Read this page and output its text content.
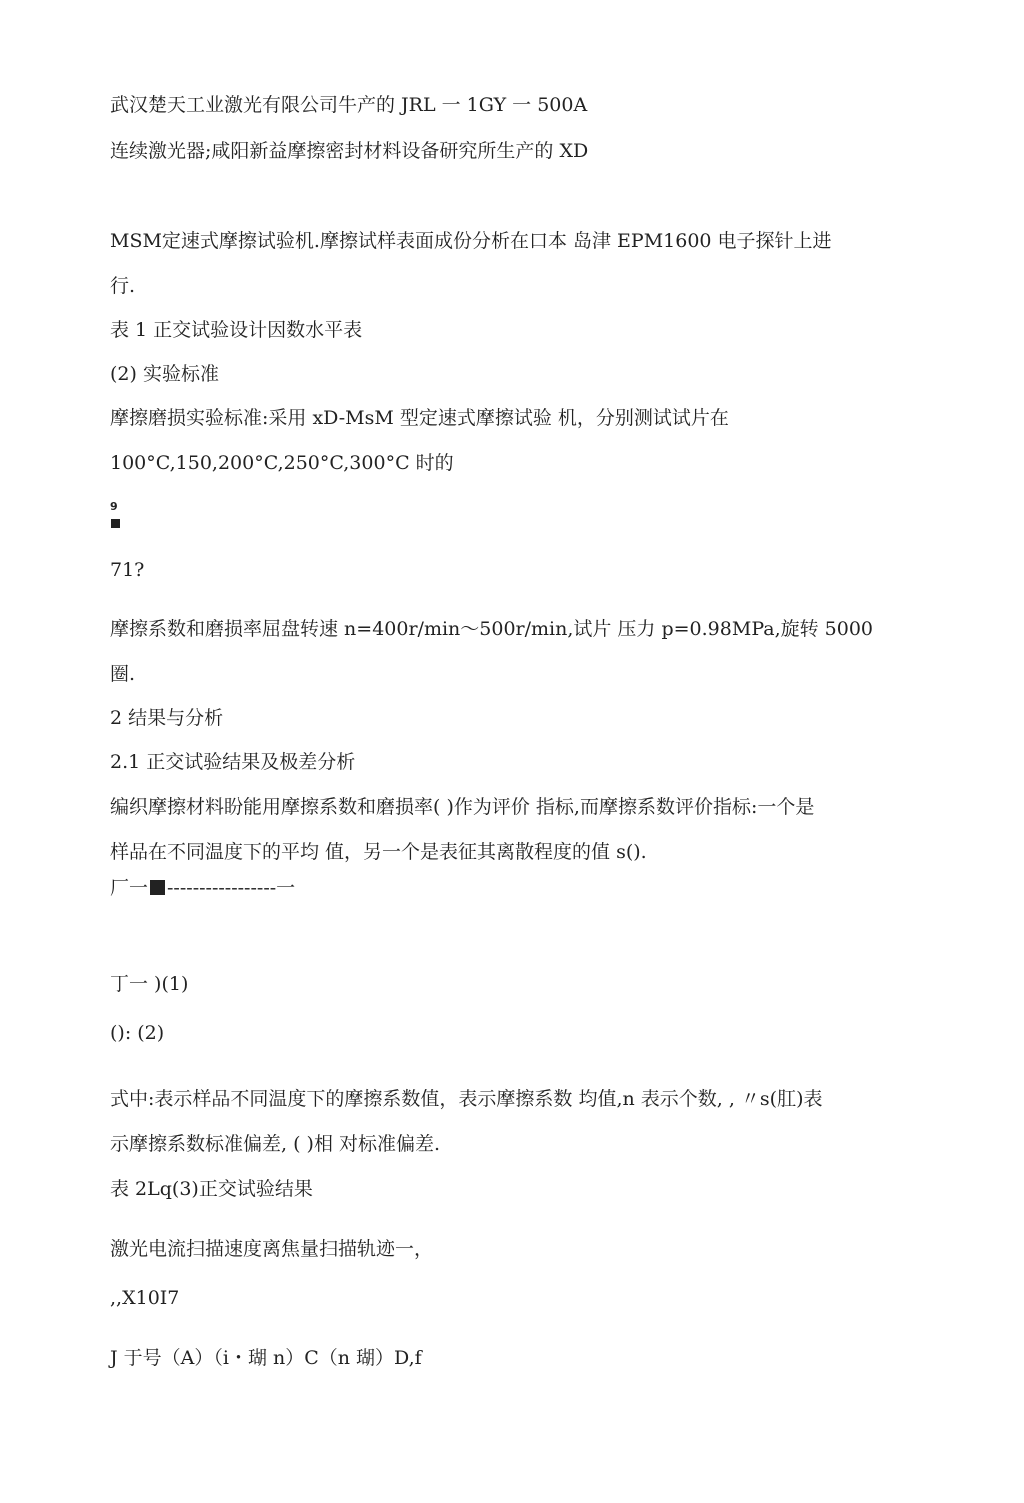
武汉楚天工业激光有限公司牛产的 JRL 一 1GY 一 500A
连续激光器;咸阳新益摩擦密封材料设备研究所生产的 XD
MSM定速式摩擦试验机.摩擦试样表面成份分析在口本 岛津 EPM1600 电子探针上进
行.
表 1 正交试验设计因数水平表
(2) 实验标准
摩擦磨损实验标准:采用 xD-MsM 型定速式摩擦试验 机，分别测试试片在
100°C,150,200°C,250°C,300°C 时的
9
71?
摩擦系数和磨损率屈盘转速 n=400r/min～500r/min,试片 压力 p=0.98MPa,旋转 5000
圈.
2 结果与分析
2.1 正交试验结果及极差分析
编织摩擦材料盼能用摩擦系数和磨损率( )作为评价 指标,而摩擦系数评价指标:一个是
样品在不同温度下的平均 值，另一个是表征其离散程度的值 s().
厂一 -----------------一
丁一 )(1)
(): (2)
式中:表示样品不同温度下的摩擦系数值，表示摩擦系数 均值,n 表示个数, , 〃s(肛)表
示摩擦系数标准偏差, ( )相 对标准偏差.
表 2Lq(3)正交试验结果
激光电流扫描速度离焦量扫描轨迹一，
,,X10I7
J 于号（A）（i・瑚 n）C（n 瑚）D,f
